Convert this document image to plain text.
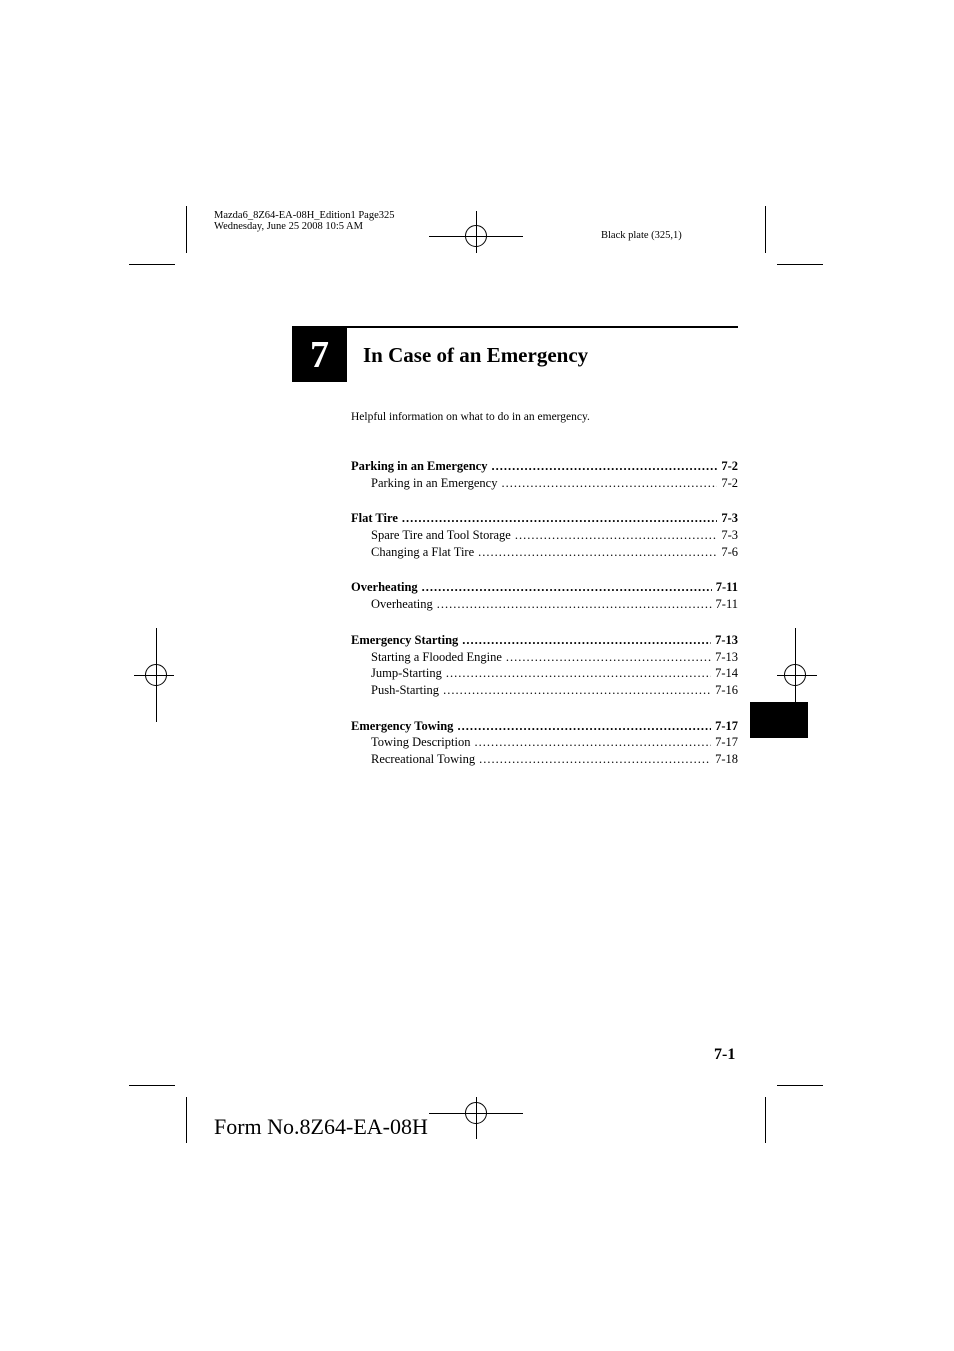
Mazda6_8Z64-EA-08H_Edition1 Page325
Wednesday, June 25 2008 10:5 AM
Black plate (325,1)
7 In Case of an Emergency
Helpful information on what to do in an emergency.
Parking in an Emergency .....	7-2
Parking in an Emergency .....	7-2
Flat Tire .....	7-3
Spare Tire and Tool Storage .....	7-3
Changing a Flat Tire .....	7-6
Overheating .....	7-11
Overheating .....	7-11
Emergency Starting .....	7-13
Starting a Flooded Engine .....	7-13
Jump-Starting .....	7-14
Push-Starting .....	7-16
Emergency Towing .....	7-17
Towing Description .....	7-17
Recreational Towing .....	7-18
7-1
Form No.8Z64-EA-08H
